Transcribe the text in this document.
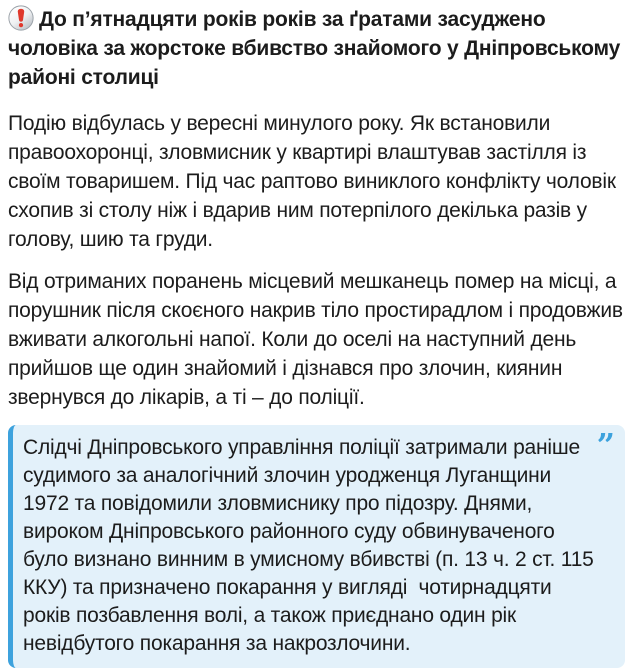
До п’ятнадцяти років років за ґратами засуджено чоловіка за жорстоке вбивство знайомого у Дніпровському районі столиці

Подію відбулась у вересні минулого року. Як встановили правоохоронці, зловмисник у квартирі влаштував застілля із своїм товаришем. Під час раптово виниклого конфлікту чоловік схопив зі столу ніж і вдарив ним потерпілого декілька разів у голову, шию та груди.

Від отриманих поранень місцевий мешканець помер на місці, а порушник після скоєного накрив тіло простирадлом і продовжив вживати алкогольні напої. Коли до оселі на наступний день прийшов ще один знайомий і дізнався про злочин, киянин звернувся до лікарів, а ті – до поліції.

Слідчі Дніпровського управління поліції затримали раніше судимого за аналогічний злочин уродженця Луганщини 1972 та повідомили зловмиснику про підозру. Днями, вироком Дніпровського районного суду обвинуваченого було визнано винним в умисному вбивстві (п. 13 ч. 2 ст. 115 ККУ) та призначено покарання у вигляді  чотирнадцяти років позбавлення волі, а також приєднано один рік невідбутого покарання за накрозлочини.
”
